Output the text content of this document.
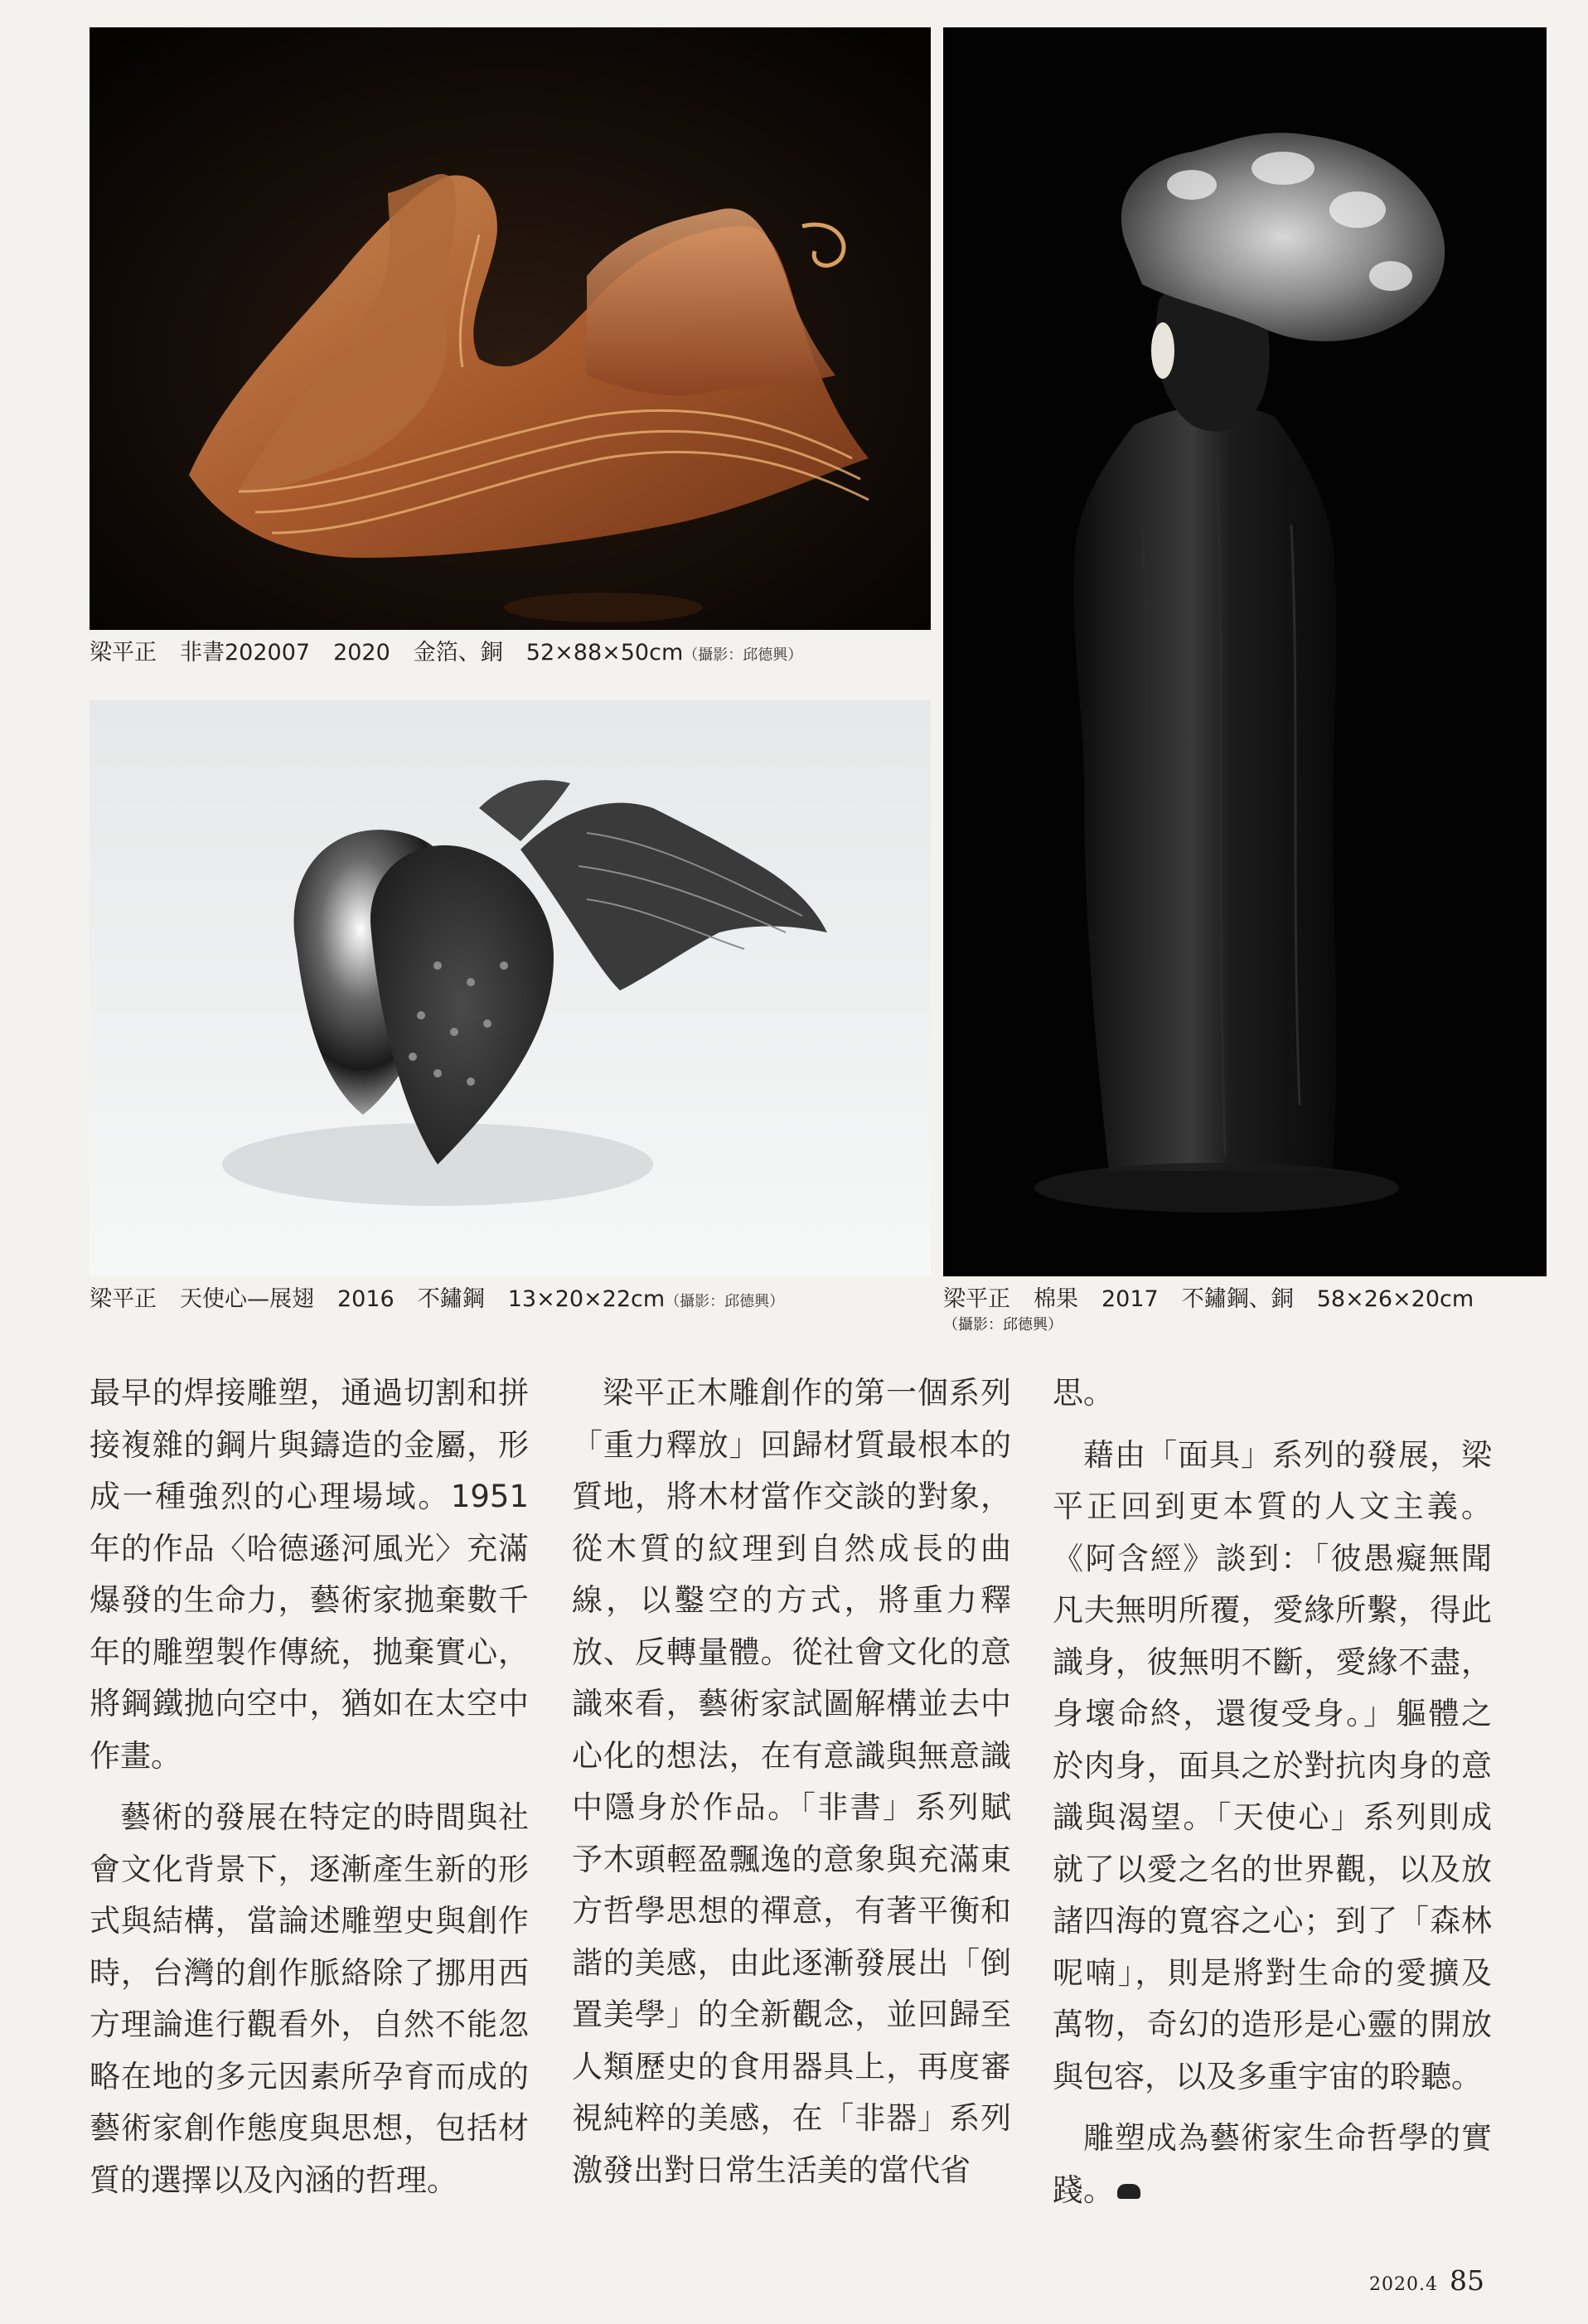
梁平正 非書202007 2020 金箔、銅 52×88×50cm（攝影：邱德興）
梁平正 天使心—展翅 2016 不鏽鋼 13×20×22cm（攝影：邱德興）	梁平正 棉果 2017 不鏽鋼、銅 58×26×20cm
（攝影：邱德興）

最早的焊接雕塑，通過切割和拼接複雜的鋼片與鑄造的金屬，形成一種強烈的心理場域。1951年的作品〈哈德遜河風光〉充滿爆發的生命力，藝術家拋棄數千年的雕塑製作傳統，拋棄實心，將鋼鐵拋向空中，猶如在太空中作畫。

藝術的發展在特定的時間與社會文化背景下，逐漸產生新的形式與結構，當論述雕塑史與創作時，台灣的創作脈絡除了挪用西方理論進行觀看外，自然不能忽略在地的多元因素所孕育而成的藝術家創作態度與思想，包括材質的選擇以及內涵的哲理。

梁平正木雕創作的第一個系列「重力釋放」回歸材質最根本的質地，將木材當作交談的對象，從木質的紋理到自然成長的曲線，以鑿空的方式，將重力釋放、反轉量體。從社會文化的意識來看，藝術家試圖解構並去中心化的想法，在有意識與無意識中隱身於作品。「非書」系列賦予木頭輕盈飄逸的意象與充滿東方哲學思想的禪意，有著平衡和諧的美感，由此逐漸發展出「倒置美學」的全新觀念，並回歸至人類歷史的食用器具上，再度審視純粹的美感，在「非器」系列激發出對日常生活美的當代省

思。

藉由「面具」系列的發展，梁平正回到更本質的人文主義。《阿含經》談到：「彼愚癡無聞凡夫無明所覆，愛緣所繫，得此識身，彼無明不斷，愛緣不盡，身壞命終，還復受身。」軀體之於肉身，面具之於對抗肉身的意識與渴望。「天使心」系列則成就了以愛之名的世界觀，以及放諸四海的寬容之心；到了「森林呢喃」，則是將對生命的愛擴及萬物，奇幻的造形是心靈的開放與包容，以及多重宇宙的聆聽。

雕塑成為藝術家生命哲學的實踐。

2020.4 85
